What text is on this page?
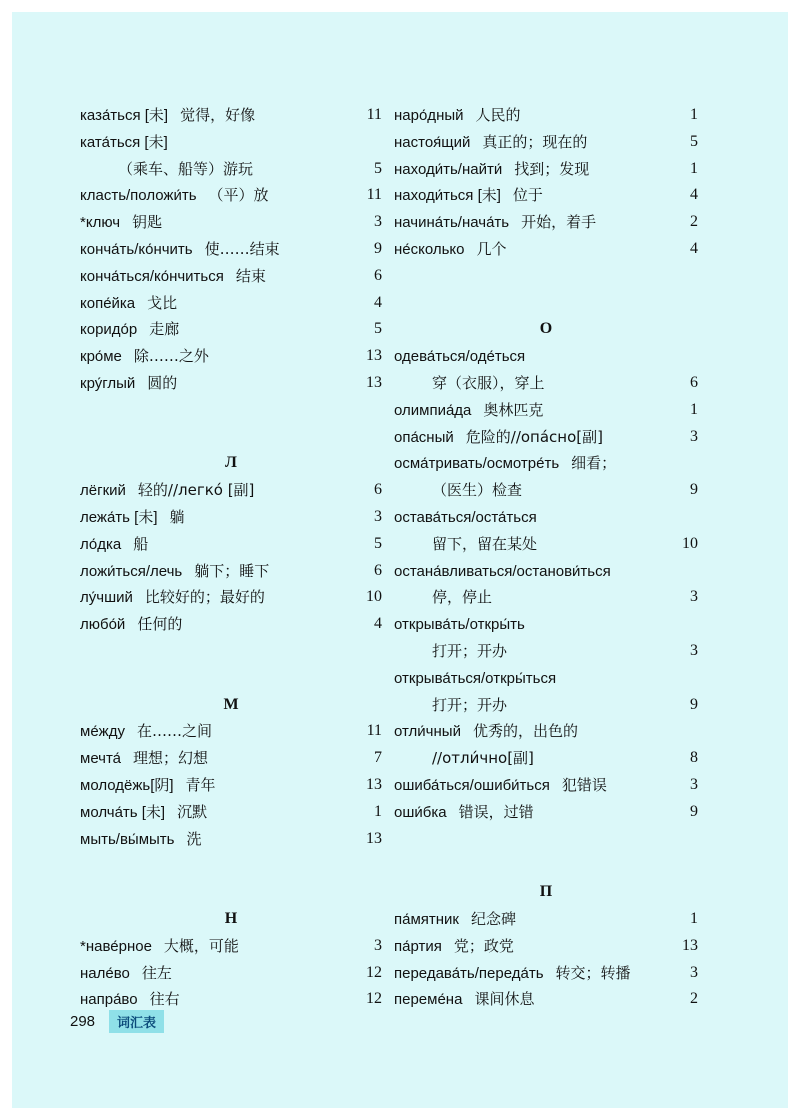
каза́ться [未] 觉得，好像	11
ката́ться [未]
（乘车、船等）游玩	5
класть/положи́ть （平）放	11
*ключ 钥匙	3
конча́ть/ко́нчить 使……结束	9
конча́ться/ко́нчиться 结束	6
копе́йка 戈比	4
коридо́р 走廊	5
кро́ме 除……之外	13
кру́глый 圆的	13
Л
лёгкий 轻的//легко́ [副]	6
лежа́ть [未] 躺	3
ло́дка 船	5
ложи́ться/лечь 躺下；睡下	6
лу́чший 比较好的；最好的	10
любо́й 任何的	4
М
ме́жду 在……之间	11
мечта́ 理想；幻想	7
молодёжь[阴] 青年	13
молча́ть [未] 沉默	1
мыть/вы́мыть 洗	13
Н
*наве́рное 大概，可能	3
нале́во 往左	12
напра́во 往右	12
наро́дный 人民的	1
настоя́щий 真正的；现在的	5
находи́ть/найти́ 找到；发现	1
находи́ться [未] 位于	4
начина́ть/нача́ть 开始，着手	2
не́сколько 几个	4
О
одева́ться/оде́ться
穿（衣服），穿上	6
олимпиа́да 奥林匹克	1
опа́сный 危险的//опа́сно[副]	3
осма́тривать/осмотре́ть 细看；
（医生）检查	9
остава́ться/оста́ться
留下，留在某处	10
остана́вливаться/останови́ться
停，停止	3
открыва́ть/откры́ть
打开；开办	3
открыва́ться/откры́ться
打开；开办	9
отли́чный 优秀的，出色的
//отли́чно[副]	8
ошиба́ться/ошиби́ться 犯错误	3
оши́бка 错误，过错	9
П
па́мятник 纪念碑	1
па́ртия 党；政党	13
передава́ть/переда́ть 转交；转播	3
переме́на 课间休息	2
298	词汇表
